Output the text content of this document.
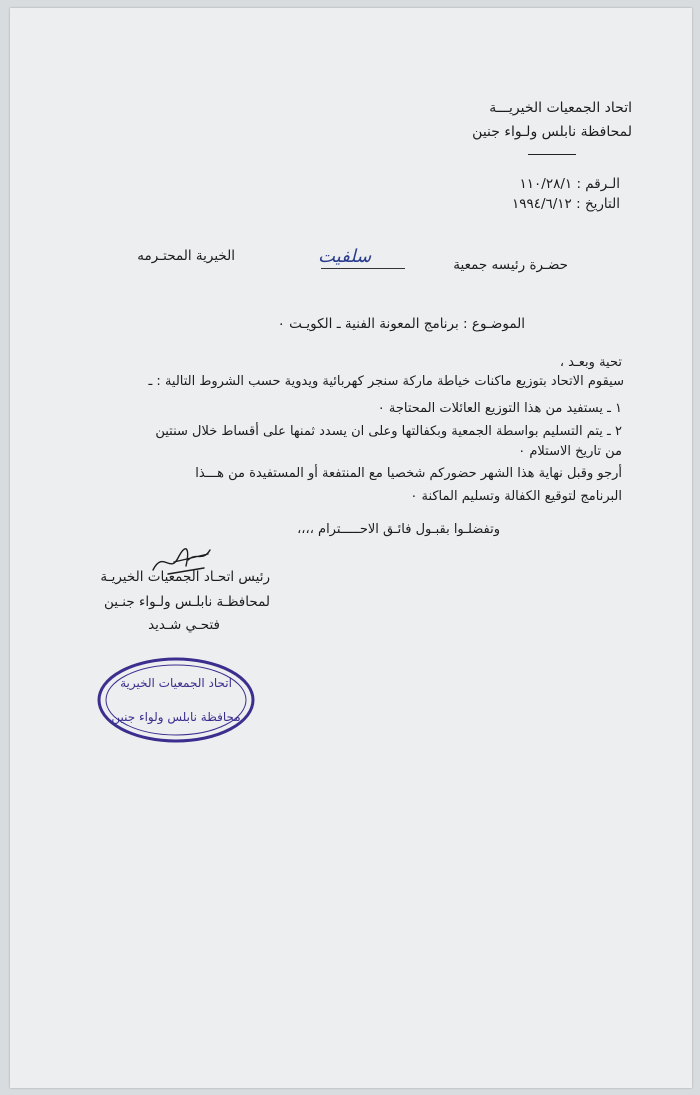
اتحاد الجمعيات الخيريـــة
لمحافظة نابلس ولـواء جنين
الـرقم : ١١٠/٢٨/١
التاريخ : ١٩٩٤/٦/١٢
حضـرة رئيسه جمعية
سلفيت
الخيرية المحتـرمه
الموضـوع : برنامج المعونة الفنية ـ الكويـت ٠
تحية وبعـد ،
سيقوم الاتحاد بتوزيع ماكنات خياطة ماركة سنجر كهربائية ويدوية حسب الشروط التالية : ـ
١ ـ يستفيد من هذا التوزيع العائلات المحتاجة ٠
٢ ـ يتم التسليم بواسطة الجمعية وبكفالتها وعلى ان يسدد ثمنها على أقساط خلال سنتين
من تاريخ الاستلام ٠
أرجو وقبل نهاية هذا الشهر حضوركم شخصيا مع المنتفعة أو المستفيدة من هـــذا
البرنامج لتوقيع الكفالة وتسليم الماكنة ٠
وتفضلـوا بقبـول فائـق الاحـــــترام ،،،،
رئيس اتحـاد الجمعيات الخيريـة
لمحافظـة نابلـس ولـواء جنـين
فتحـي شـديد
اتحاد الجمعيات الخيرية
محافظة نابلس ولواء جنين
